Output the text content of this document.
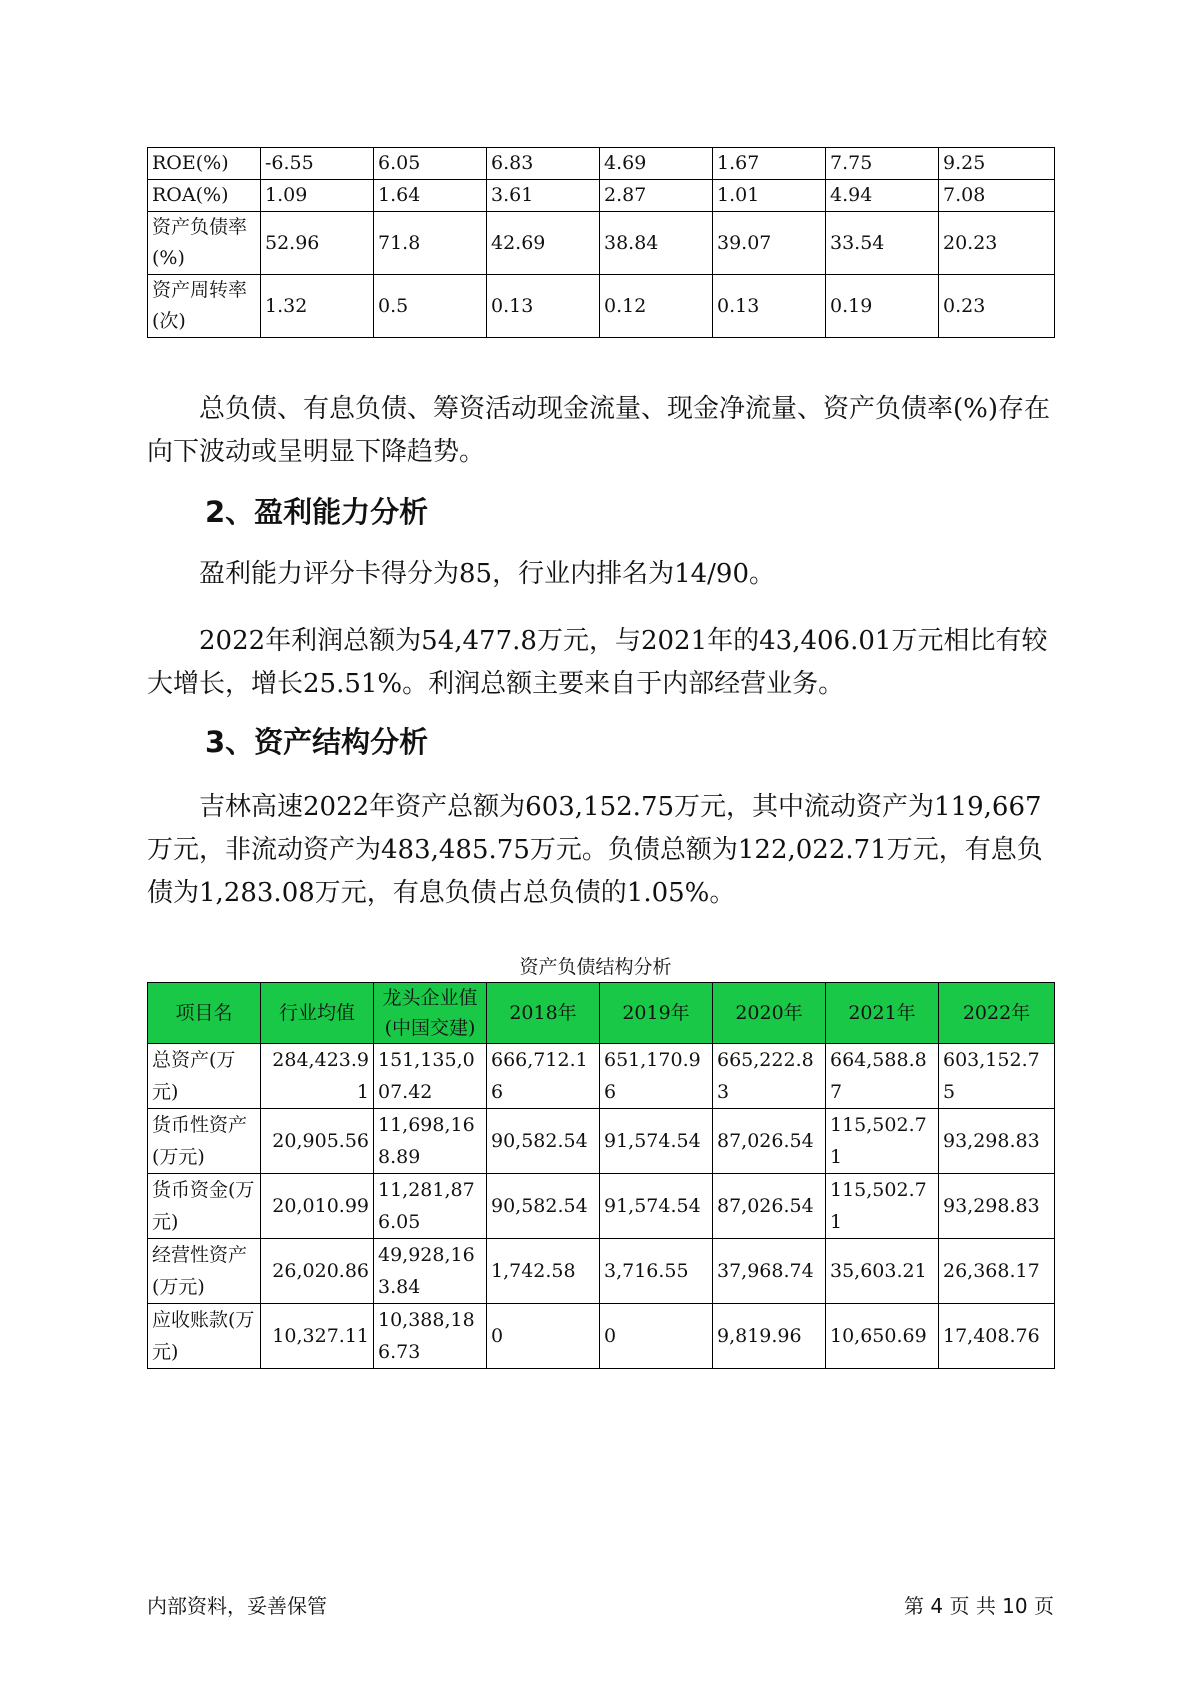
ROE(%)	-6.55	6.05	6.83	4.69	1.67	7.75	9.25
ROA(%)	1.09	1.64	3.61	2.87	1.01	4.94	7.08
资产负债率(%)	52.96	71.8	42.69	38.84	39.07	33.54	20.23
资产周转率(次)	1.32	0.5	0.13	0.12	0.13	0.19	0.23

总负债、有息负债、筹资活动现金流量、现金净流量、资产负债率(%)存在向下波动或呈明显下降趋势。

2、盈利能力分析

盈利能力评分卡得分为85，行业内排名为14/90。

2022年利润总额为54,477.8万元，与2021年的43,406.01万元相比有较大增长，增长25.51%。利润总额主要来自于内部经营业务。

3、资产结构分析

吉林高速2022年资产总额为603,152.75万元，其中流动资产为119,667万元，非流动资产为483,485.75万元。负债总额为122,022.71万元，有息负债为1,283.08万元，有息负债占总负债的1.05%。

资产负债结构分析
项目名	行业均值	龙头企业值(中国交建)	2018年	2019年	2020年	2021年	2022年
总资产(万元)	284,423.91	151,135,007.42	666,712.16	651,170.96	665,222.83	664,588.87	603,152.75
货币性资产(万元)	20,905.56	11,698,168.89	90,582.54	91,574.54	87,026.54	115,502.71	93,298.83
货币资金(万元)	20,010.99	11,281,876.05	90,582.54	91,574.54	87,026.54	115,502.71	93,298.83
经营性资产(万元)	26,020.86	49,928,163.84	1,742.58	3,716.55	37,968.74	35,603.21	26,368.17
应收账款(万元)	10,327.11	10,388,186.73	0	0	9,819.96	10,650.69	17,408.76
内部资料，妥善保管	第 4 页 共 10 页
